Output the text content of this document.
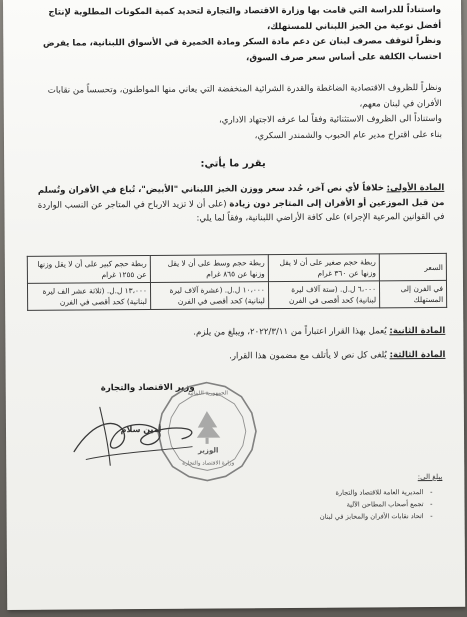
واستناداً للدراسة التي قامت بها وزارة الاقتصاد والتجارة لتحديد كمية المكونات المطلوبة لإنتاج أفضل نوعية من الخبز اللبناني للمستهلك،
ونظراً لتوقف مصرف لبنان عن دعم مادة السكر ومادة الخميرة في الأسواق اللبنانية، مما يفرض احتساب الكلفة على أساس سعر صرف السوق،
ونظراً للظروف الاقتصادية الضاغطة والقدرة الشرائية المنخفضة التي يعاني منها المواطنون، وتحسساً من نقابات الأفران في لبنان معهم،
واستناداً الى الظروف الاستثنائية وفقاً لما عرفه الاجتهاد الاداري،
بناء على اقتراح مدير عام الحبوب والشمندر السكري،
يقرر ما يأتي:
المادة الأولى: خلافاً لأي نص آخر، حُدد سعر ووزن الخبز اللبناني "الأبيض"، تُباع في الأفران وتُسلم من قبل الموزعين أو الأفران إلى المتاجر دون زيادة (على أن لا تزيد الارباح في المتاجر عن النسب الواردة في القوانين المرعية الإجراء) على كافة الأراضي اللبنانية، وفقاً لما يلي:
السعر	ربطة حجم صغير على أن لا يقل وزنها عن ٣٦٠ غرام	ربطة حجم وسط على أن لا يقل وزنها عن ٨٦٥ غرام	ربطة حجم كبير على أن لا يقل وزنها عن ١٢٥٥ غرام
في الفرن إلى المستهلك	٦،٠٠٠ ل.ل. (ستة آلاف ليرة لبنانية) كحد أقصى في الفرن	١٠،٠٠٠ ل.ل. (عشرة آلاف ليرة لبنانية) كحد أقصى في الفرن	١٣،٠٠٠ ل.ل. (ثلاثة عشر الف ليرة لبنانية) كحد أقصى في الفرن
المادة الثانية: يُعمل بهذا القرار اعتباراً من ٢٠٢٢/٣/١١، ويبلغ من يلزم.
المادة الثالثة: يُلغى كل نص لا يأتلف مع مضمون هذا القرار.
وزير الاقتصاد والتجارة
الجمهورية اللبنانية
الوزير
وزارة الاقتصاد والتجارة
أمين سلام
يبلغ الى:
- المديرية العامة للاقتصاد والتجارة
- تجمع أصحاب المطاحن الآلية
- اتحاد نقابات الأفران والمخابز في لبنان
